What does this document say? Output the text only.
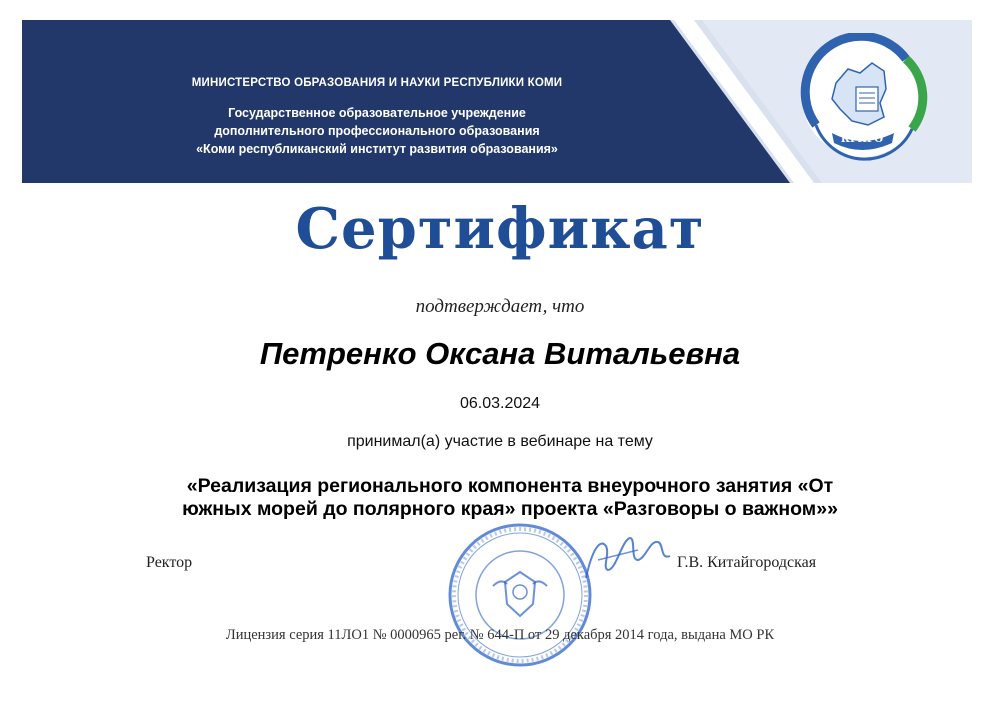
МИНИСТЕРСТВО ОБРАЗОВАНИЯ И НАУКИ РЕСПУБЛИКИ КОМИ
Государственное образовательное учреждение
дополнительного профессионального образования
«Коми республиканский институт развития образования»
КРИРО
Сертификат
подтверждает, что
Петренко Оксана Витальевна
06.03.2024
принимал(а) участие в вебинаре на тему
«Реализация регионального компонента внеурочного занятия «От
южных морей до полярного края» проекта «Разговоры о важном»»
Ректор	Г.В. Китайгородская
Лицензия серия 11ЛО1 № 0000965 рег. № 644-П от 29 декабря 2014 года, выдана МО РК
